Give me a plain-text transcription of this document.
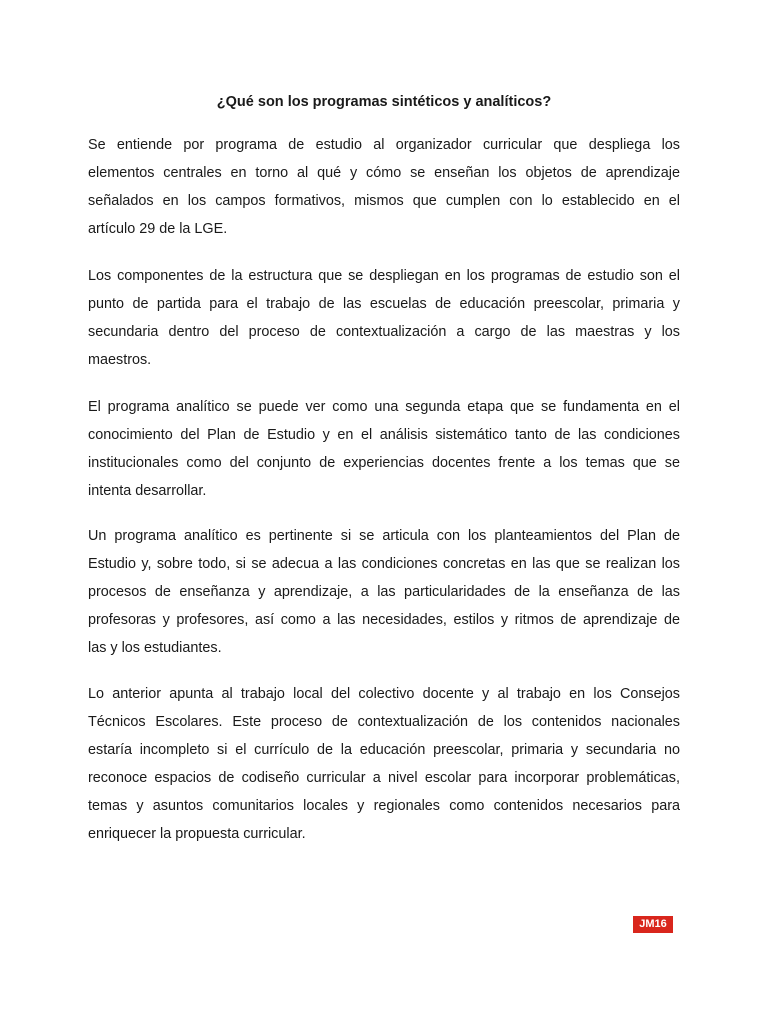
¿Qué son los programas sintéticos y analíticos?
Se entiende por programa de estudio al organizador curricular que despliega los
elementos centrales en torno al qué y cómo se enseñan los objetos de aprendizaje
señalados en los campos formativos, mismos que cumplen con lo establecido en el
artículo 29 de la LGE.
Los componentes de la estructura que se despliegan en los programas de estudio son el
punto de partida para el trabajo de las escuelas de educación preescolar, primaria y
secundaria dentro del proceso de contextualización a cargo de las maestras y los
maestros.
El programa analítico se puede ver como una segunda etapa que se fundamenta en el
conocimiento del Plan de Estudio y en el análisis sistemático tanto de las condiciones
institucionales como del conjunto de experiencias docentes frente a los temas que se
intenta desarrollar.
Un programa analítico es pertinente si se articula con los planteamientos del Plan de
Estudio y, sobre todo, si se adecua a las condiciones concretas en las que se realizan los
procesos de enseñanza y aprendizaje, a las particularidades de la enseñanza de las
profesoras y profesores, así como a las necesidades, estilos y ritmos de aprendizaje de
las y los estudiantes.
Lo anterior apunta al trabajo local del colectivo docente y al trabajo en los Consejos
Técnicos Escolares. Este proceso de contextualización de los contenidos nacionales
estaría incompleto si el currículo de la educación preescolar, primaria y secundaria no
reconoce espacios de codiseño curricular a nivel escolar para incorporar problemáticas,
temas y asuntos comunitarios locales y regionales como contenidos necesarios para
enriquecer la propuesta curricular.
JM16
